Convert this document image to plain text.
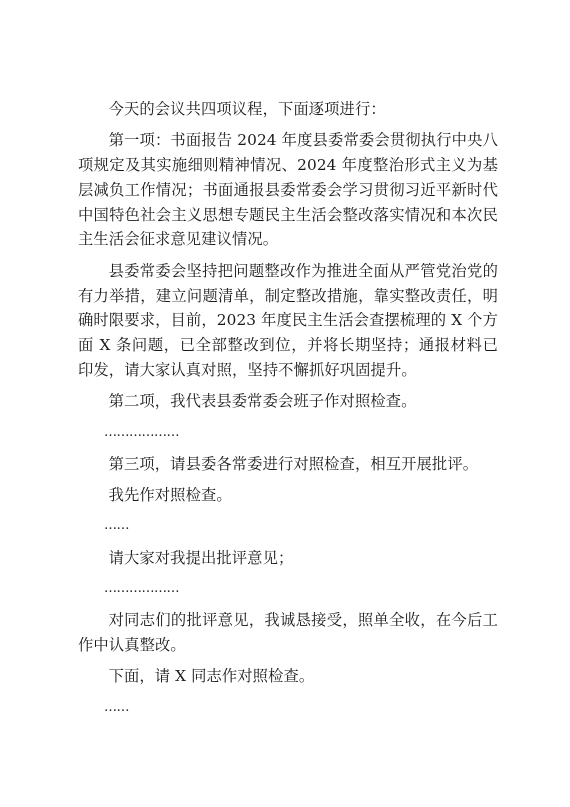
今天的会议共四项议程，下面逐项进行：

第一项：书面报告 2024 年度县委常委会贯彻执行中央八项规定及其实施细则精神情况、2024 年度整治形式主义为基层减负工作情况；书面通报县委常委会学习贯彻习近平新时代中国特色社会主义思想专题民主生活会整改落实情况和本次民主生活会征求意见建议情况。

县委常委会坚持把问题整改作为推进全面从严管党治党的有力举措，建立问题清单，制定整改措施，靠实整改责任，明确时限要求，目前，2023 年度民主生活会查摆梳理的 X 个方面 X 条问题，已全部整改到位，并将长期坚持；通报材料已印发，请大家认真对照，坚持不懈抓好巩固提升。

第二项，我代表县委常委会班子作对照检查。

………………

第三项，请县委各常委进行对照检查，相互开展批评。

我先作对照检查。

……

请大家对我提出批评意见；

………………

对同志们的批评意见，我诚恳接受，照单全收，在今后工作中认真整改。

下面，请 X 同志作对照检查。

……
